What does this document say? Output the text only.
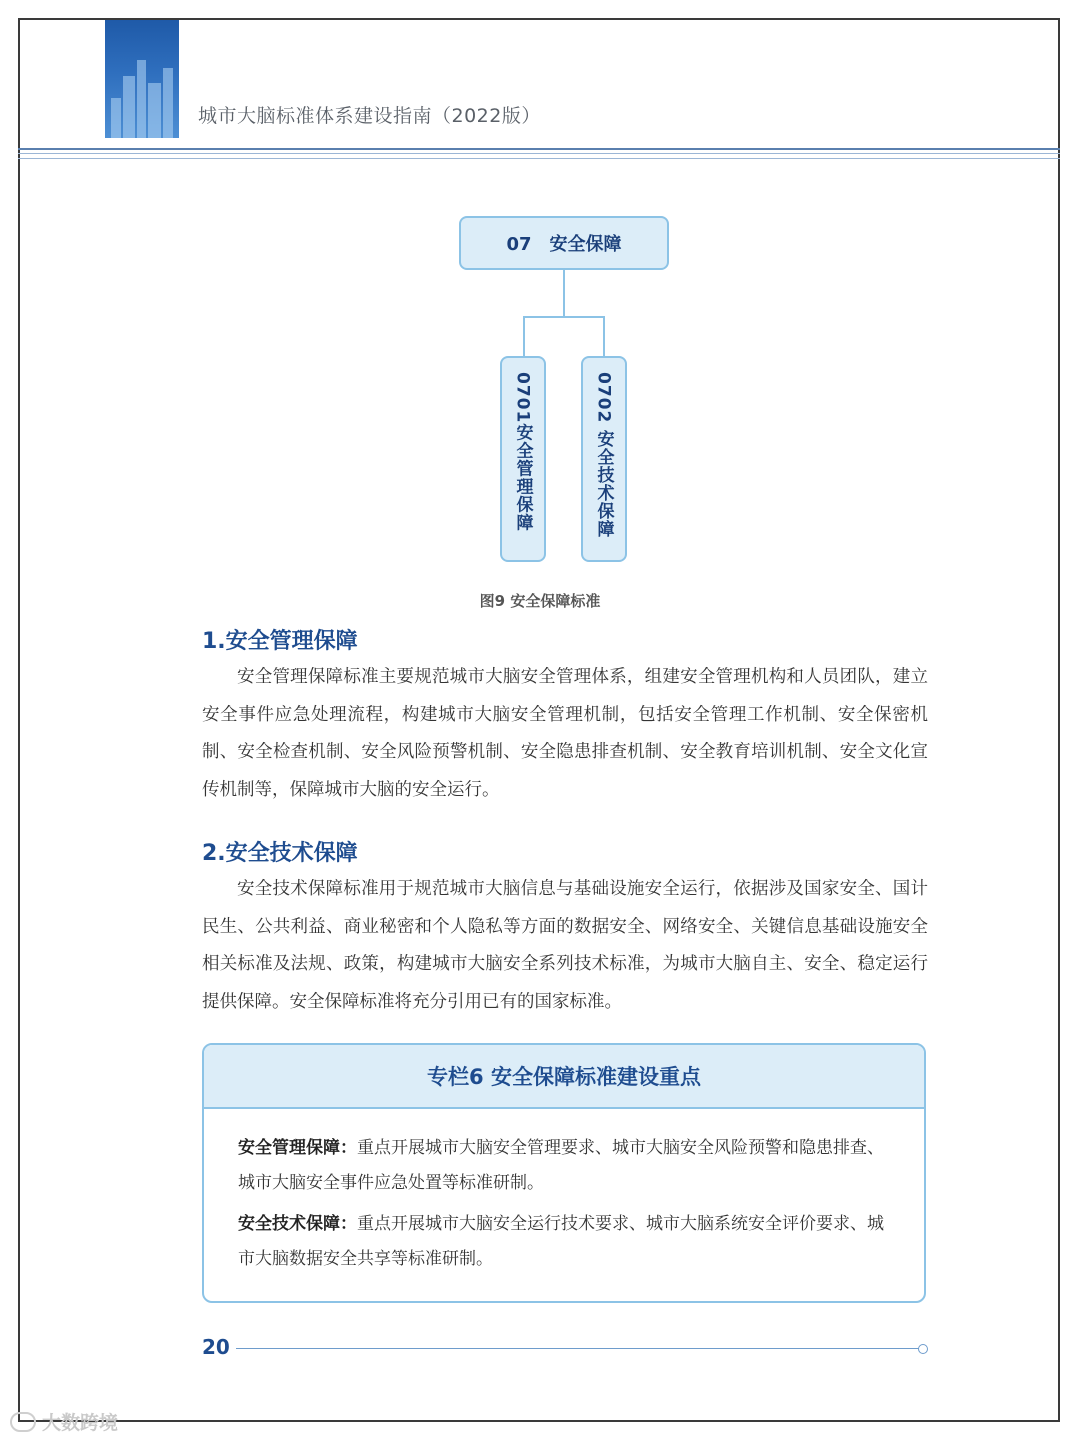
城市大脑标准体系建设指南（2022版）
07　安全保障
0701安全管理保障	0702 安全技术保障
图9 安全保障标准
1.安全管理保障
安全管理保障标准主要规范城市大脑安全管理体系，组建安全管理机构和人员团队，建立安全事件应急处理流程，构建城市大脑安全管理机制，包括安全管理工作机制、安全保密机制、安全检查机制、安全风险预警机制、安全隐患排查机制、安全教育培训机制、安全文化宣传机制等，保障城市大脑的安全运行。
2.安全技术保障
安全技术保障标准用于规范城市大脑信息与基础设施安全运行，依据涉及国家安全、国计民生、公共利益、商业秘密和个人隐私等方面的数据安全、网络安全、关键信息基础设施安全相关标准及法规、政策，构建城市大脑安全系列技术标准，为城市大脑自主、安全、稳定运行提供保障。安全保障标准将充分引用已有的国家标准。
专栏6 安全保障标准建设重点

安全管理保障：重点开展城市大脑安全管理要求、城市大脑安全风险预警和隐患排查、城市大脑安全事件应急处置等标准研制。

安全技术保障：重点开展城市大脑安全运行技术要求、城市大脑系统安全评价要求、城市大脑数据安全共享等标准研制。

20
大数跨境
